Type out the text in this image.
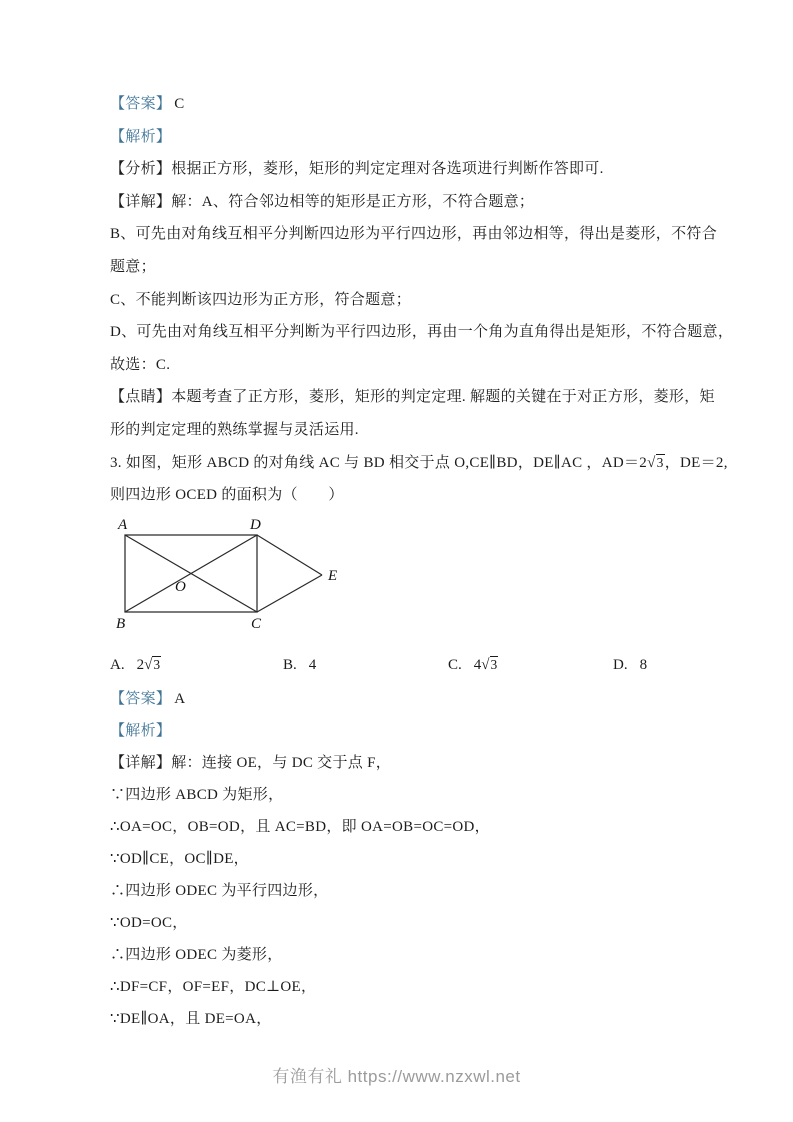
【答案】 C
【解析】
【分析】根据正方形，菱形，矩形的判定定理对各选项进行判断作答即可.
【详解】解：A、符合邻边相等的矩形是正方形，不符合题意；
B、可先由对角线互相平分判断四边形为平行四边形，再由邻边相等，得出是菱形，不符合
题意；
C、不能判断该四边形为正方形，符合题意；
D、可先由对角线互相平分判断为平行四边形，再由一个角为直角得出是矩形，不符合题意，
故选：C.
【点睛】本题考查了正方形，菱形，矩形的判定定理. 解题的关键在于对正方形，菱形，矩
形的判定定理的熟练掌握与灵活运用.
3. 如图，矩形 ABCD 的对角线 AC 与 BD 相交于点 O,CE∥BD，DE∥AC ，AD＝2√3，DE＝2,
则四边形 OCED 的面积为（　　）
A	D
B	C
O
E
A. 2√3	B. 4	C. 4√3	D. 8
【答案】 A
【解析】
【详解】解：连接 OE，与 DC 交于点 F，
∵四边形 ABCD 为矩形，
∴OA=OC，OB=OD，且 AC=BD，即 OA=OB=OC=OD，
∵OD∥CE，OC∥DE，
∴四边形 ODEC 为平行四边形，
∵OD=OC，
∴四边形 ODEC 为菱形，
∴DF=CF，OF=EF，DC⊥OE，
∵DE∥OA，且 DE=OA，
有渔有礼 https://www.nzxwl.net
